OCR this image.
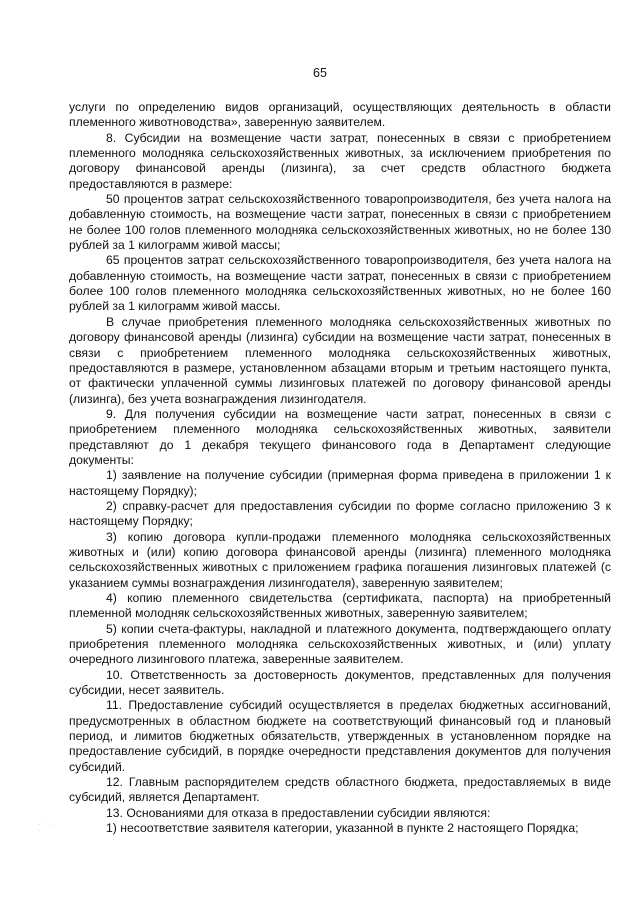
65

услуги по определению видов организаций, осуществляющих деятельность в области племенного животноводства», заверенную заявителем.

8. Субсидии на возмещение части затрат, понесенных в связи с приобретением племенного молодняка сельскохозяйственных животных, за исключением приобретения по договору финансовой аренды (лизинга), за счет средств областного бюджета предоставляются в размере:

50 процентов затрат сельскохозяйственного товаропроизводителя, без учета налога на добавленную стоимость, на возмещение части затрат, понесенных в связи с приобретением не более 100 голов племенного молодняка сельскохозяйственных животных, но не более 130 рублей за 1 килограмм живой массы;

65 процентов затрат сельскохозяйственного товаропроизводителя, без учета налога на добавленную стоимость, на возмещение части затрат, понесенных в связи с приобретением более 100 голов племенного молодняка сельскохозяйственных животных, но не более 160 рублей за 1 килограмм живой массы.

В случае приобретения племенного молодняка сельскохозяйственных животных по договору финансовой аренды (лизинга) субсидии на возмещение части затрат, понесенных в связи с приобретением племенного молодняка сельскохозяйственных животных, предоставляются в размере, установленном абзацами вторым и третьим настоящего пункта, от фактически уплаченной суммы лизинговых платежей по договору финансовой аренды (лизинга), без учета вознаграждения лизингодателя.

9. Для получения субсидии на возмещение части затрат, понесенных в связи с приобретением племенного молодняка сельскохозяйственных животных, заявители представляют до 1 декабря текущего финансового года в Департамент следующие документы:

1) заявление на получение субсидии (примерная форма приведена в приложении 1 к настоящему Порядку);

2) справку-расчет для предоставления субсидии по форме согласно приложению 3 к настоящему Порядку;

3) копию договора купли-продажи племенного молодняка сельскохозяйственных животных и (или) копию договора финансовой аренды (лизинга) племенного молодняка сельскохозяйственных животных с приложением графика погашения лизинговых платежей (с указанием суммы вознаграждения лизингодателя), заверенную заявителем;

4) копию племенного свидетельства (сертификата, паспорта) на приобретенный племенной молодняк сельскохозяйственных животных, заверенную заявителем;

5) копии счета-фактуры, накладной и платежного документа, подтверждающего оплату приобретения племенного молодняка сельскохозяйственных животных, и (или) уплату очередного лизингового платежа, заверенные заявителем.

10. Ответственность за достоверность документов, представленных для получения субсидии, несет заявитель.

11. Предоставление субсидий осуществляется в пределах бюджетных ассигнований, предусмотренных в областном бюджете на соответствующий финансовый год и плановый период, и лимитов бюджетных обязательств, утвержденных в установленном порядке на предоставление субсидий, в порядке очередности представления документов для получения субсидий.

12. Главным распорядителем средств областного бюджета, предоставляемых в виде субсидий, является Департамент.

13. Основаниями для отказа в предоставлении субсидии являются:

1) несоответствие заявителя категории, указанной в пункте 2 настоящего Порядка;

· ˙ · ·
